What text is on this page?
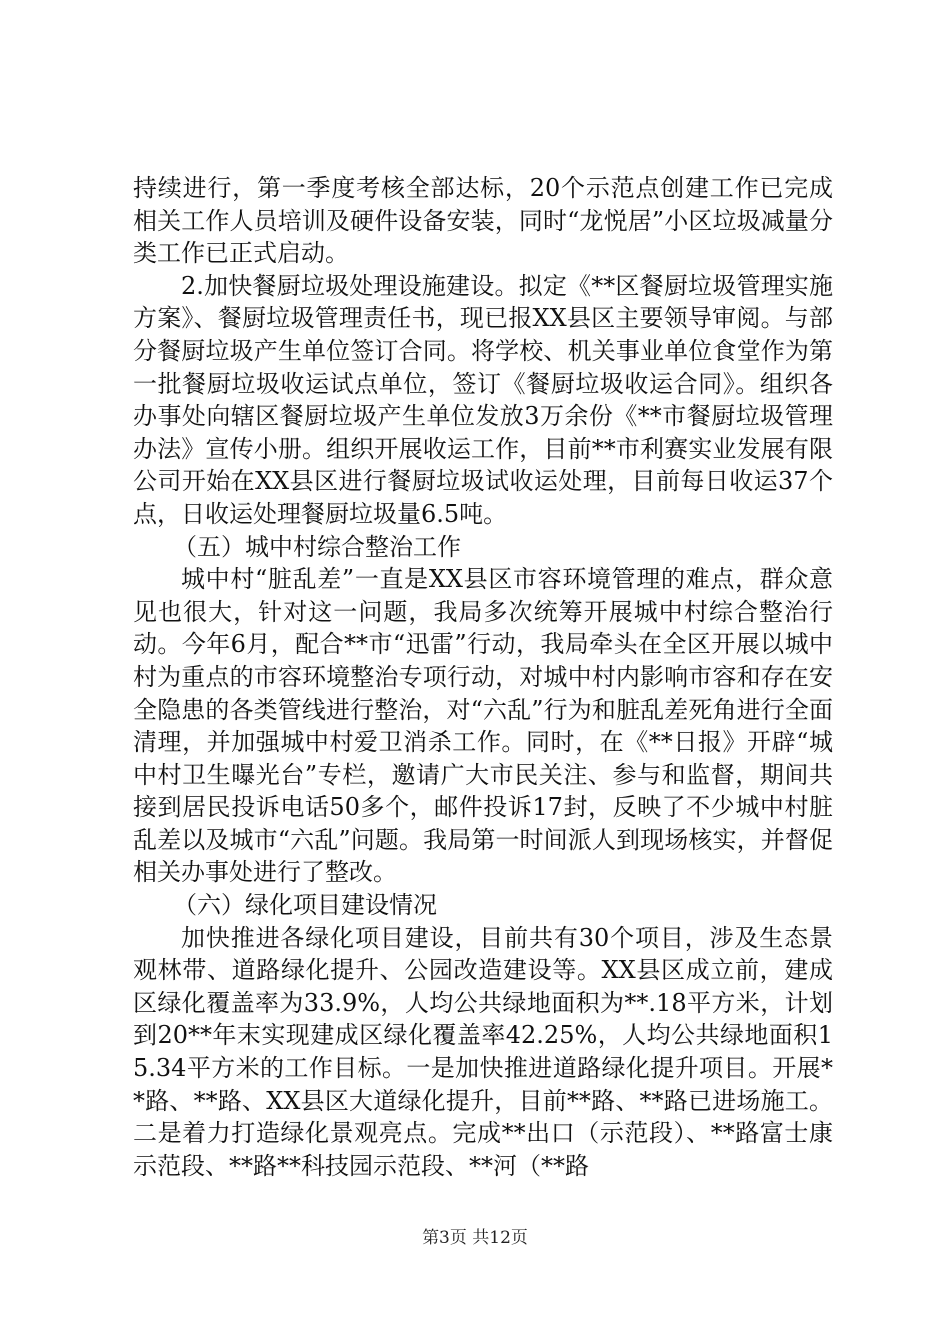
持续进行，第一季度考核全部达标，20个示范点创建工作已完成相关工作人员培训及硬件设备安装，同时“龙悦居”小区垃圾减量分类工作已正式启动。

2.加快餐厨垃圾处理设施建设。拟定《**区餐厨垃圾管理实施方案》、餐厨垃圾管理责任书，现已报XX县区主要领导审阅。与部分餐厨垃圾产生单位签订合同。将学校、机关事业单位食堂作为第一批餐厨垃圾收运试点单位，签订《餐厨垃圾收运合同》。组织各办事处向辖区餐厨垃圾产生单位发放3万余份《**市餐厨垃圾管理办法》宣传小册。组织开展收运工作，目前**市利赛实业发展有限公司开始在XX县区进行餐厨垃圾试收运处理，目前每日收运37个点，日收运处理餐厨垃圾量6.5吨。

（五）城中村综合整治工作

城中村“脏乱差”一直是XX县区市容环境管理的难点，群众意见也很大，针对这一问题，我局多次统筹开展城中村综合整治行动。今年6月，配合**市“迅雷”行动，我局牵头在全区开展以城中村为重点的市容环境整治专项行动，对城中村内影响市容和存在安全隐患的各类管线进行整治，对“六乱”行为和脏乱差死角进行全面清理，并加强城中村爱卫消杀工作。同时，在《**日报》开辟“城中村卫生曝光台”专栏，邀请广大市民关注、参与和监督，期间共接到居民投诉电话50多个，邮件投诉17封，反映了不少城中村脏乱差以及城市“六乱”问题。我局第一时间派人到现场核实，并督促相关办事处进行了整改。

（六）绿化项目建设情况

加快推进各绿化项目建设，目前共有30个项目，涉及生态景观林带、道路绿化提升、公园改造建设等。XX县区成立前，建成区绿化覆盖率为33.9%，人均公共绿地面积为**.18平方米，计划到20**年末实现建成区绿化覆盖率42.25%，人均公共绿地面积15.34平方米的工作目标。一是加快推进道路绿化提升项目。开展**路、**路、XX县区大道绿化提升，目前**路、**路已进场施工。二是着力打造绿化景观亮点。完成**出口（示范段）、**路富士康示范段、**路**科技园示范段、**河（**路

第3页 共12页
